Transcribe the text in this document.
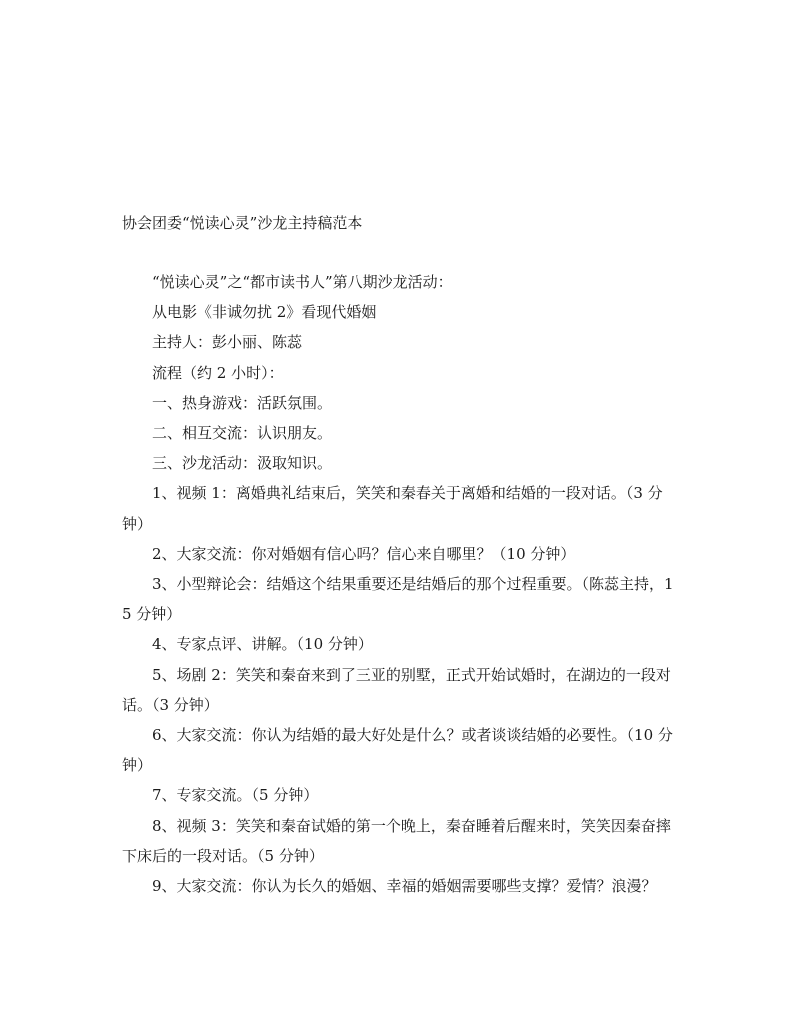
协会团委“悦读心灵”沙龙主持稿范本

“悦读心灵”之“都市读书人”第八期沙龙活动：

从电影《非诚勿扰 2》看现代婚姻

主持人：彭小丽、陈蕊

流程（约 2 小时）：

一、热身游戏：活跃氛围。

二、相互交流：认识朋友。

三、沙龙活动：汲取知识。

1、视频 1：离婚典礼结束后，笑笑和秦春关于离婚和结婚的一段对话。（3 分钟）

2、大家交流：你对婚姻有信心吗？信心来自哪里？（10 分钟）

3、小型辩论会：结婚这个结果重要还是结婚后的那个过程重要。（陈蕊主持，15 分钟）

4、专家点评、讲解。（10 分钟）

5、场剧 2：笑笑和秦奋来到了三亚的别墅，正式开始试婚时，在湖边的一段对话。（3 分钟）

6、大家交流：你认为结婚的最大好处是什么？或者谈谈结婚的必要性。（10 分钟）

7、专家交流。（5 分钟）

8、视频 3：笑笑和秦奋试婚的第一个晚上，秦奋睡着后醒来时，笑笑因秦奋摔下床后的一段对话。（5 分钟）

9、大家交流：你认为长久的婚姻、幸福的婚姻需要哪些支撑？爱情？浪漫？
